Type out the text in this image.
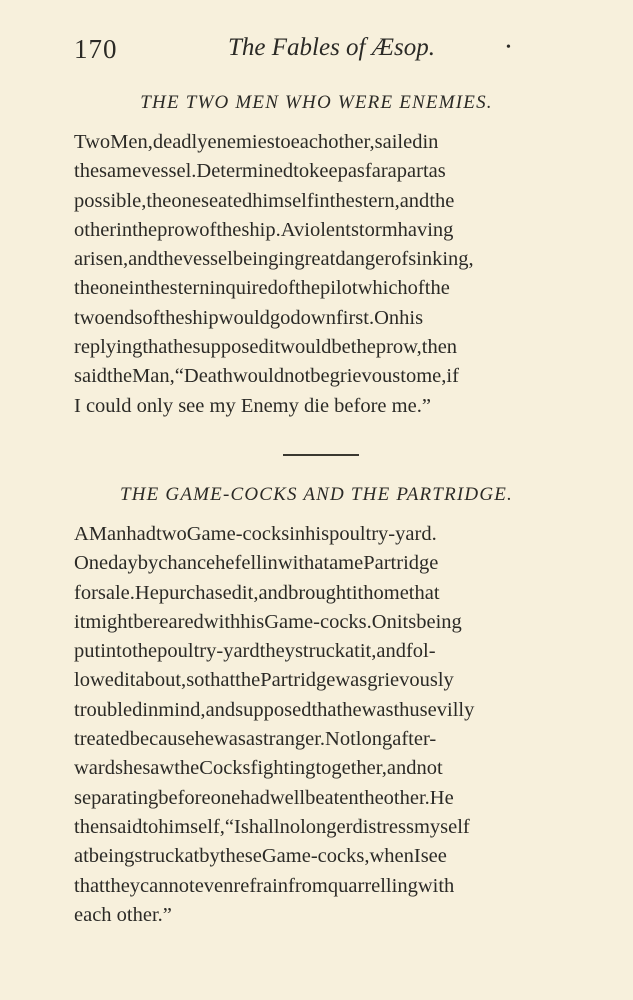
170	The Fables of Æsop.	•
THE TWO MEN WHO WERE ENEMIES.
TwoMen,deadlyenemiestoeachother,sailedin
thesamevessel.Determinedtokeepasfarapartas
possible,theoneseatedhimselfinthestern,andthe
otherintheprowoftheship.Aviolentstormhaving
arisen,andthevesselbeingingreatdangerofsinking,
theoneinthesterninquiredofthepilotwhichofthe
twoendsoftheshipwouldgodownfirst.Onhis
replyingthathesupposeditwouldbetheprow,then
saidtheMan,“Deathwouldnotbegrievoustome,if
I could only see my Enemy die before me.”
THE GAME-COCKS AND THE PARTRIDGE.
AManhadtwoGame-cocksinhispoultry-yard.
OnedaybychancehefellinwithatamePartridge
forsale.Hepurchasedit,andbroughtithomethat
itmightberearedwithhisGame-cocks.Onitsbeing
putintothepoultry-yardtheystruckatit,andfol-
loweditabout,sothatthePartridgewasgrievously
troubledinmind,andsupposedthathewasthusevilly
treatedbecausehewasastranger.Notlongafter-
wardshesawtheCocksfightingtogether,andnot
separatingbeforeonehadwellbeatentheother.He
thensaidtohimself,“Ishallnolongerdistressmyself
atbeingstruckatbytheseGame-cocks,whenIsee
thattheycannotevenrefrainfromquarrellingwith
each other.”
